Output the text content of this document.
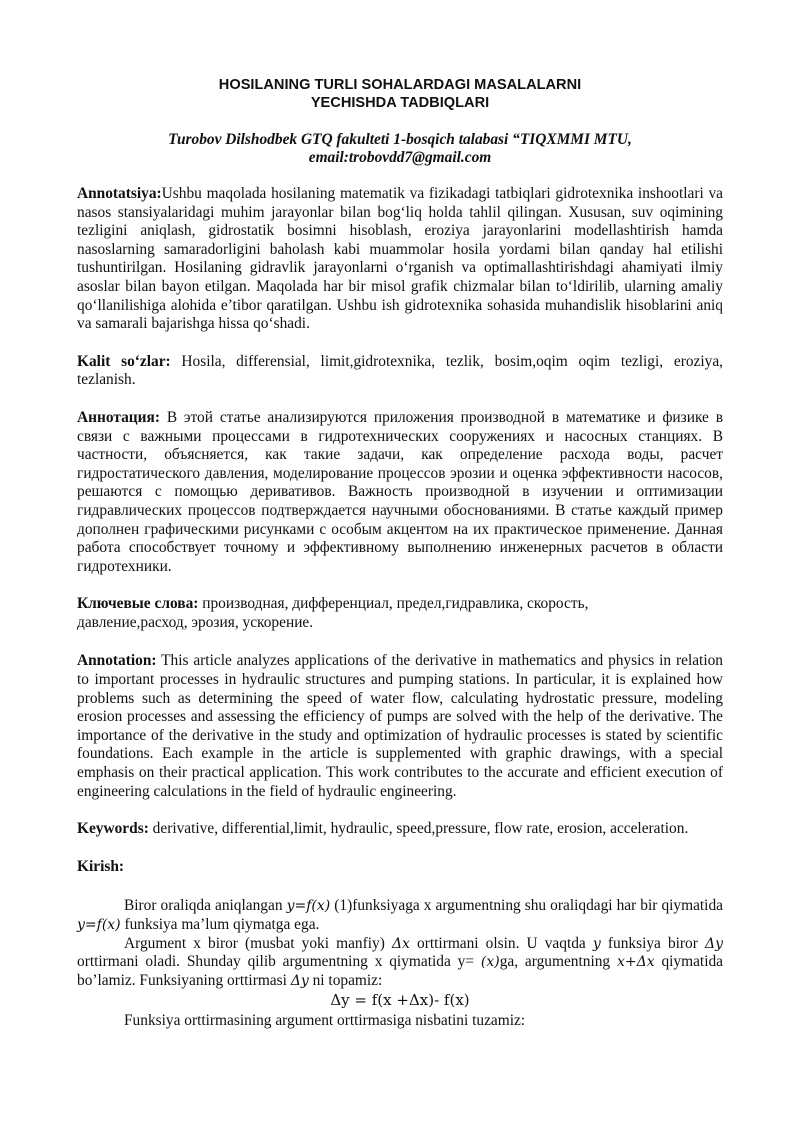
HOSILANING TURLI SOHALARDAGI MASALALARNI
YECHISHDA TADBIQLARI
Turobov Dilshodbek GTQ fakulteti 1-bosqich talabasi “TIQXMMI MTU,
email:trobovdd7@gmail.com

Annotatsiya:Ushbu maqolada hosilaning matematik va fizikadagi tatbiqlari gidrotexnika inshootlari va nasos stansiyalaridagi muhim jarayonlar bilan bog‘liq holda tahlil qilingan. Xususan, suv oqimining tezligini aniqlash, gidrostatik bosimni hisoblash, eroziya jarayonlarini modellashtirish hamda nasoslarning samaradorligini baholash kabi muammolar hosila yordami bilan qanday hal etilishi tushuntirilgan. Hosilaning gidravlik jarayonlarni o‘rganish va optimallashtirishdagi ahamiyati ilmiy asoslar bilan bayon etilgan. Maqolada har bir misol grafik chizmalar bilan to‘ldirilib, ularning amaliy qo‘llanilishiga alohida e’tibor qaratilgan. Ushbu ish gidrotexnika sohasida muhandislik hisoblarini aniq va samarali bajarishga hissa qo‘shadi.

Kalit so‘zlar: Hosila, differensial, limit,gidrotexnika, tezlik, bosim,oqim oqim tezligi, eroziya, tezlanish.

Аннотация: В этой статье анализируются приложения производной в математике и физике в связи с важными процессами в гидротехнических сооружениях и насосных станциях. В частности, объясняется, как такие задачи, как определение расхода воды, расчет гидростатического давления, моделирование процессов эрозии и оценка эффективности насосов, решаются с помощью деривативов. Важность производной в изучении и оптимизации гидравлических процессов подтверждается научными обоснованиями. В статье каждый пример дополнен графическими рисунками с особым акцентом на их практическое применение. Данная работа способствует точному и эффективному выполнению инженерных расчетов в области гидротехники.

Ключевые слова: производная, дифференциал, предел,гидравлика, скорость,
давление,расход, эрозия, ускорение.

Annotation: This article analyzes applications of the derivative in mathematics and physics in relation to important processes in hydraulic structures and pumping stations. In particular, it is explained how problems such as determining the speed of water flow, calculating hydrostatic pressure, modeling erosion processes and assessing the efficiency of pumps are solved with the help of the derivative. The importance of the derivative in the study and optimization of hydraulic processes is stated by scientific foundations. Each example in the article is supplemented with graphic drawings, with a special emphasis on their practical application. This work contributes to the accurate and efficient execution of engineering calculations in the field of hydraulic engineering.

Keywords: derivative, differential,limit, hydraulic, speed,pressure, flow rate, erosion, acceleration.

Kirish:

Biror oraliqda aniqlangan y=f(x) (1)funksiyaga x argumentning shu oraliqdagi har bir qiymatida y=f(x) funksiya ma’lum qiymatga ega.

Argument x biror (musbat yoki manfiy) Δx orttirmani olsin. U vaqtda y funksiya biror Δy orttirmani oladi. Shunday qilib argumentning x qiymatida y= (x)ga, argumentning x+Δx qiymatida bo’lamiz. Funksiyaning orttirmasi Δy ni topamiz:

Δy = f(x +Δx)- f(x)

Funksiya orttirmasining argument orttirmasiga nisbatini tuzamiz:
